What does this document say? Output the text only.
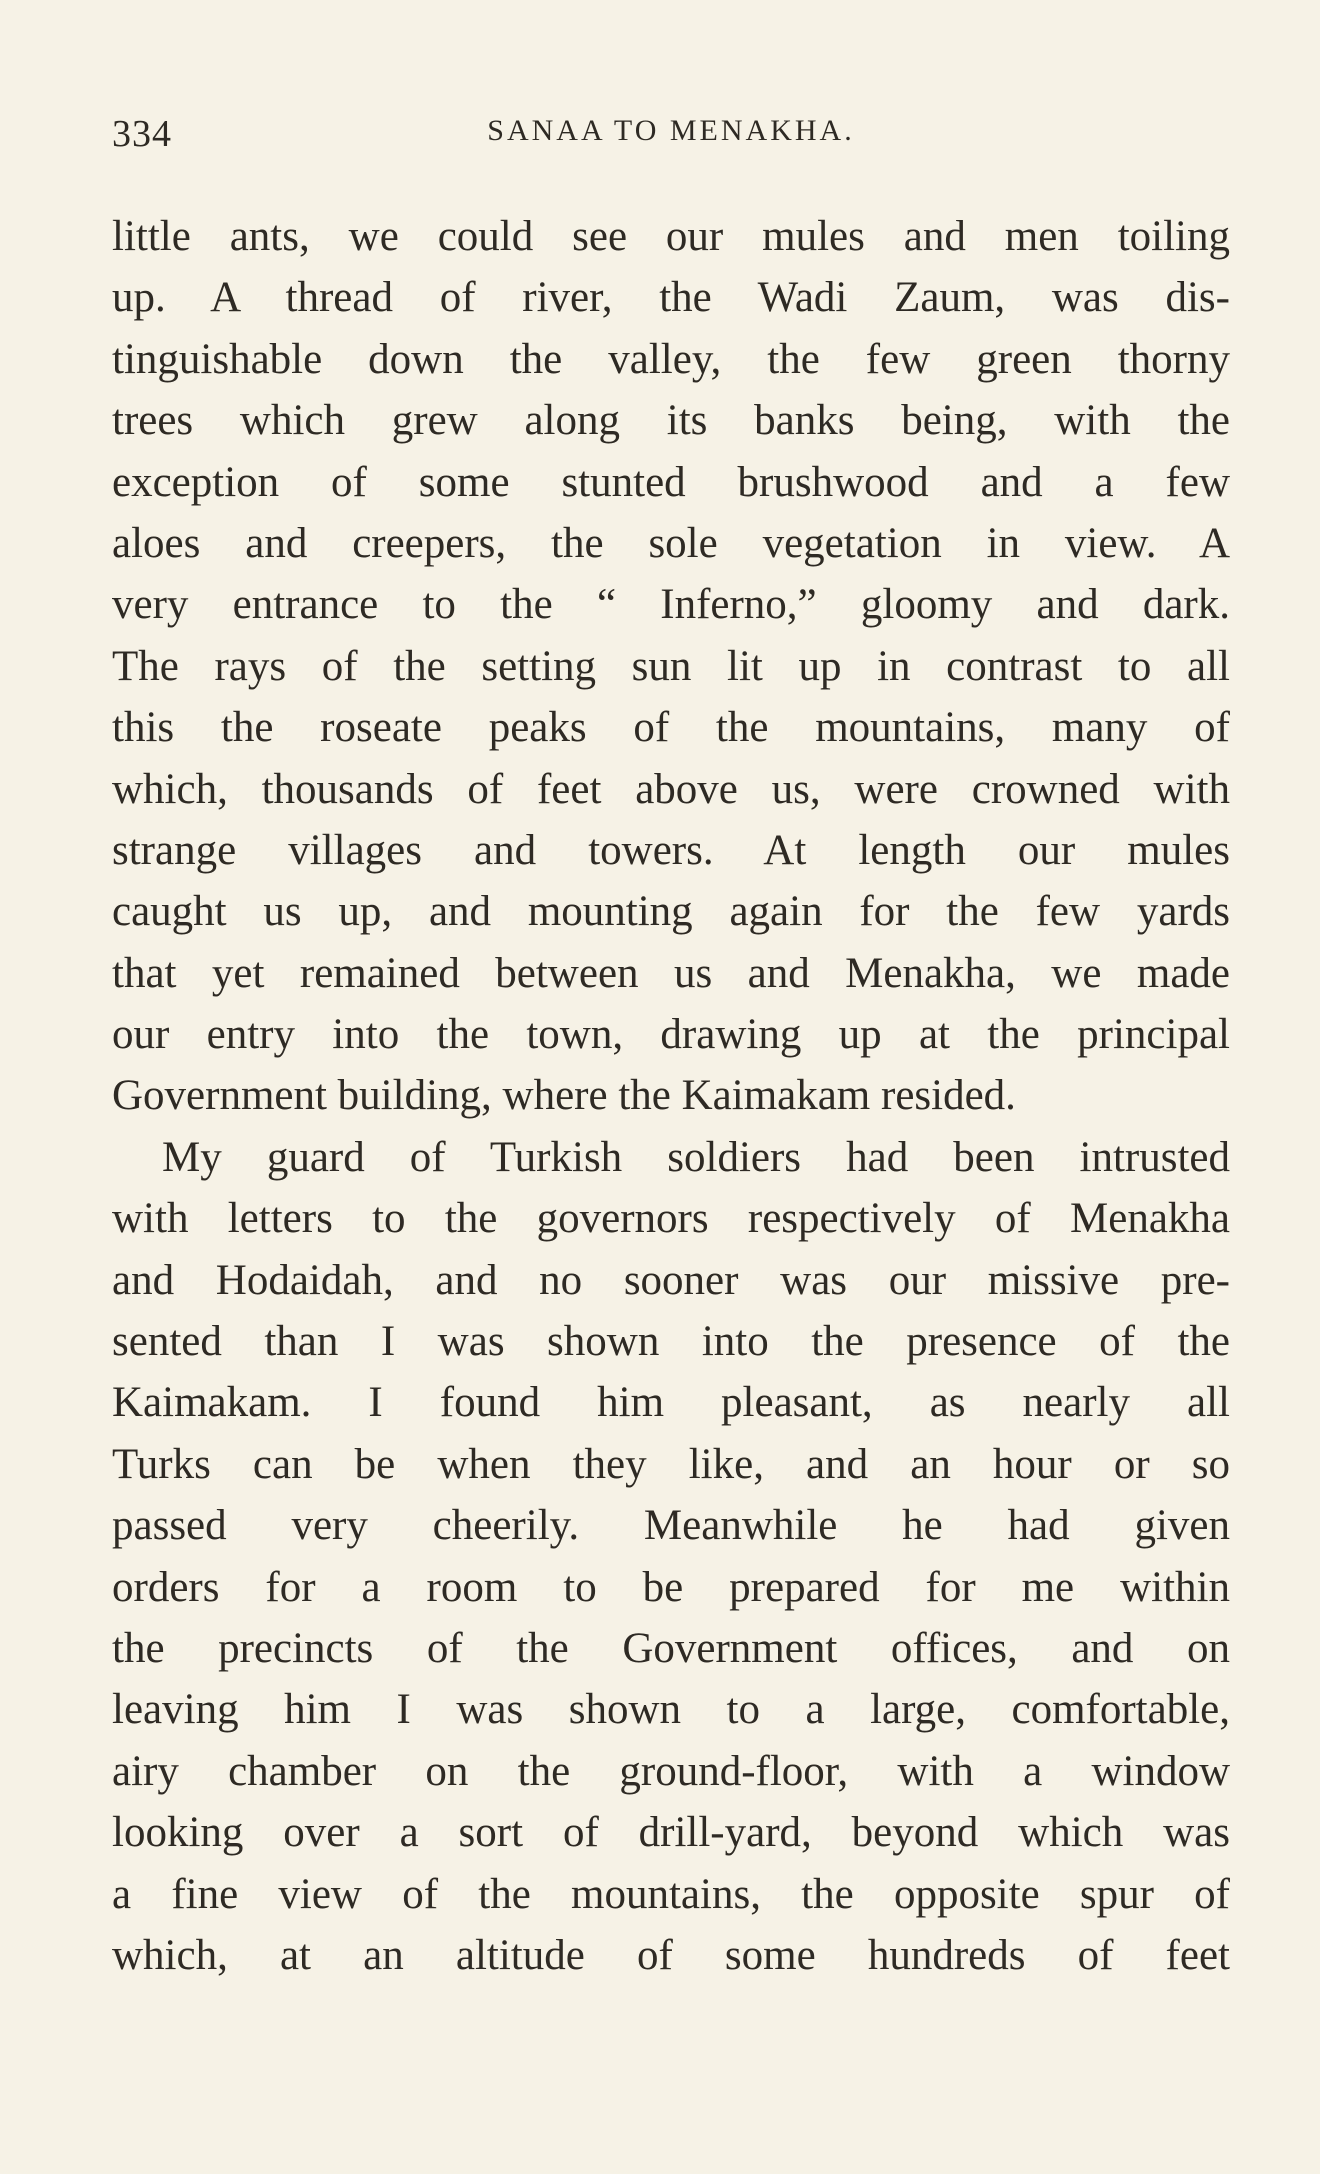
334	SANAA TO MENAKHA.
little ants, we could see our mules and men toiling
up. A thread of river, the Wadi Zaum, was dis-
tinguishable down the valley, the few green thorny
trees which grew along its banks being, with the
exception of some stunted brushwood and a few
aloes and creepers, the sole vegetation in view. A
very entrance to the “ Inferno,” gloomy and dark.
The rays of the setting sun lit up in contrast to all
this the roseate peaks of the mountains, many of
which, thousands of feet above us, were crowned with
strange villages and towers. At length our mules
caught us up, and mounting again for the few yards
that yet remained between us and Menakha, we made
our entry into the town, drawing up at the principal
Government building, where the Kaimakam resided.
My guard of Turkish soldiers had been intrusted
with letters to the governors respectively of Menakha
and Hodaidah, and no sooner was our missive pre-
sented than I was shown into the presence of the
Kaimakam. I found him pleasant, as nearly all
Turks can be when they like, and an hour or so
passed very cheerily. Meanwhile he had given
orders for a room to be prepared for me within
the precincts of the Government offices, and on
leaving him I was shown to a large, comfortable,
airy chamber on the ground-floor, with a window
looking over a sort of drill-yard, beyond which was
a fine view of the mountains, the opposite spur of
which, at an altitude of some hundreds of feet
